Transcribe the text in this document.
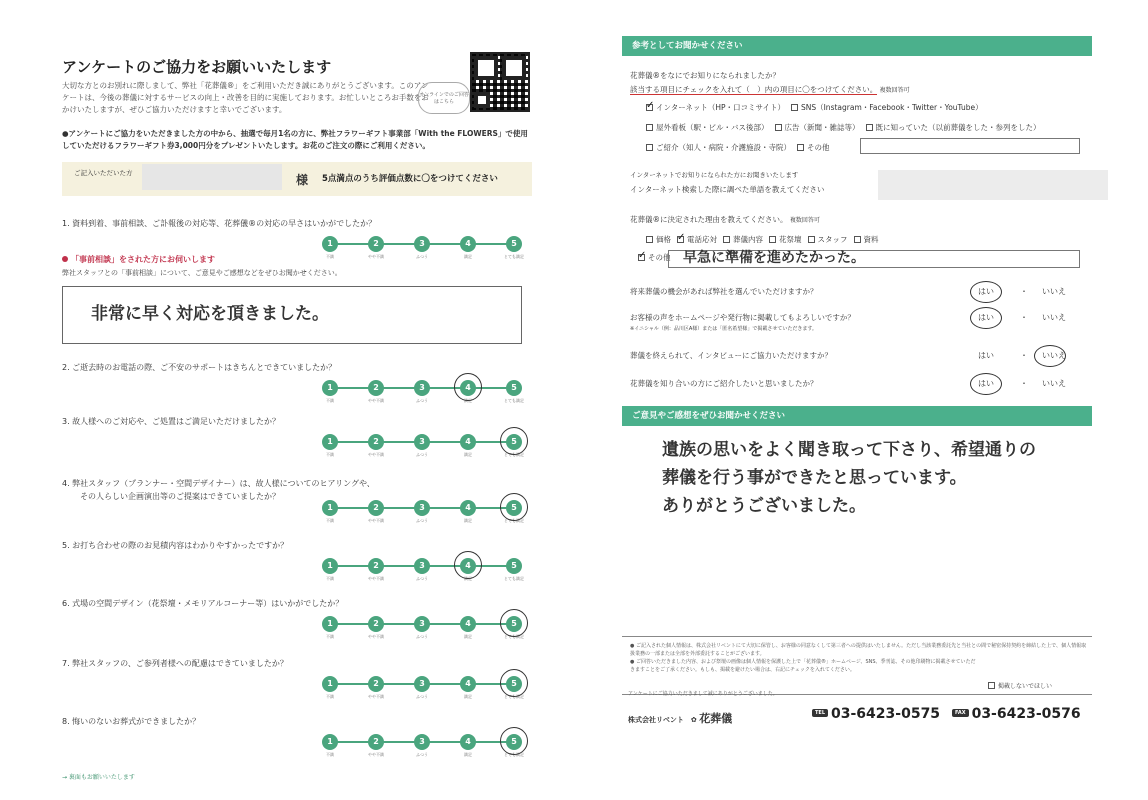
アンケートのご協力をお願いいたします
大切な方とのお別れに際しまして、弊社「花葬儀®」をご利用いただき誠にありがとうございます。このアンケートは、今後の葬儀に対するサービスの向上・改善を目的に実施しております。お忙しいところお手数をおかけいたしますが、ぜひご協力いただけますと幸いでございます。
オンラインでのご回答はこちら
●アンケートにご協力をいただきました方の中から、抽選で毎月1名の方に、弊社フラワーギフト事業部「With the FLOWERS」で使用していただけるフラワーギフト券3,000円分をプレゼントいたします。お花のご注文の際にご利用ください。
ご記入いただいた方	様 5点満点のうち評価点数に〇をつけてください
1. 資料到着、事前相談、ご訃報後の対応等、花葬儀®の対応の早さはいかがでしたか？
1
不満
2
やや不満
3
ふつう
4
満足
5
とても満足
2. ご逝去時のお電話の際、ご不安のサポートはきちんとできていましたか？
1
不満
2
やや不満
3
ふつう
4
満足
5
とても満足
3. 故人様へのご対応や、ご処置はご満足いただけましたか？
1
不満
2
やや不満
3
ふつう
4
満足
5
とても満足
4. 弊社スタッフ（プランナー・空間デザイナー）は、故人様についてのヒアリングや、
その人らしい企画演出等のご提案はできていましたか？
1
不満
2
やや不満
3
ふつう
4
満足
5
とても満足
5. お打ち合わせの際のお見積内容はわかりやすかったですか？
1
不満
2
やや不満
3
ふつう
4
満足
5
とても満足
6. 式場の空間デザイン（花祭壇・メモリアルコーナー等）はいかがでしたか？
1
不満
2
やや不満
3
ふつう
4
満足
5
とても満足
7. 弊社スタッフの、ご参列者様への配慮はできていましたか？
1
不満
2
やや不満
3
ふつう
4
満足
5
とても満足
8. 悔いのないお葬式ができましたか？
1
不満
2
やや不満
3
ふつう
4
満足
5
とても満足
「事前相談」をされた方にお伺いします
弊社スタッフとの「事前相談」について、ご意見やご感想などをぜひお聞かせください。
非常に早く対応を頂きました。
→ 裏面もお願いいたします
参考としてお聞かせください
花葬儀®をなにでお知りになられましたか？
該当する項目にチェックを入れて（　）内の項目に〇をつけてください。 複数回答可
✓インターネット（HP・口コミサイト） SNS（Instagram・Facebook・Twitter・YouTube）
屋外看板（駅・ビル・バス後部） 広告（新聞・雑誌等） 既に知っていた（以前葬儀をした・参列をした）
ご紹介（知人・病院・介護施設・寺院） その他
インターネットでお知りになられた方にお聞きいたします
インターネット検索した際に調べた単語を教えてください
花葬儀®に決定された理由を教えてください。 複数回答可
価格✓ 電話応対 葬儀内容 花祭壇 スタッフ 資料
✓その他 早急に準備を進めたかった。
将来葬儀の機会があれば弊社を選んでいただけますか？	はい	・ いいえ
お客様の声をホームページや発行物に掲載してもよろしいですか？
※イニシャル（例：品川区A様）または「匿名希望様」で掲載させていただきます。
はい	・ いいえ
葬儀を終えられて、インタビューにご協力いただけますか？	はい	・ いいえ
花葬儀を知り合いの方にご紹介したいと思いましたか？	はい	・ いいえ
ご意見やご感想をぜひお聞かせください
遺族の思いをよく聞き取って下さり、希望通りの
葬儀を行う事ができたと思っています。
ありがとうございました。
● ご記入された個人情報は、株式会社リベントにて大切に保管し、お客様の同意なくして第三者への提供はいたしません。ただし当該業務委託先と当社との間で秘密保持契約を締結した上で、個人情報取扱業務の一部または全部を外部委託することがございます。
● ご回答いただきました内容、および祭壇の画像は個人情報を保護した上で「花葬儀®」ホームページ、SNS、季刊誌、その他印刷物に掲載させていただきますことをご了承ください。もしも、掲載を避けたい場合は、右記にチェックを入れてください。
掲載しないでほしい
アンケートにご協力いただきまして誠にありがとうございました。
株式会社リベント　✿ 花葬儀	TEL 03-6423-0575	FAX 03-6423-0576
